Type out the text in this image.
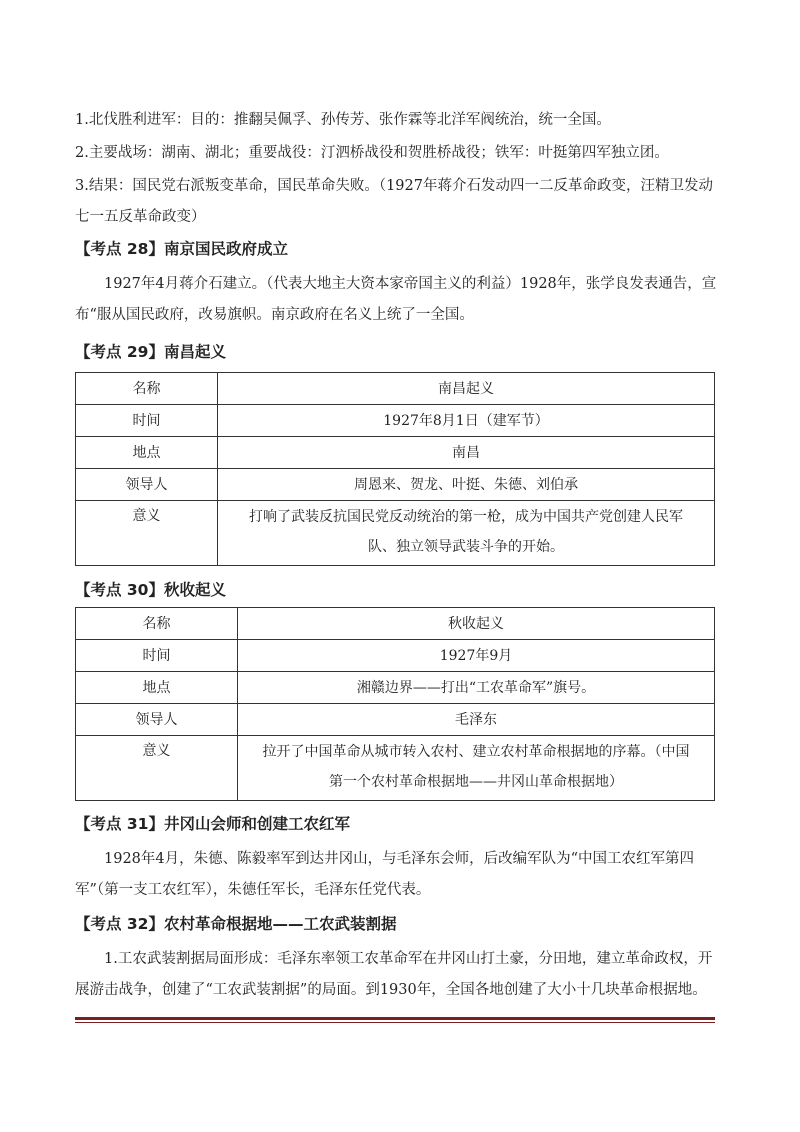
1.北伐胜利进军：目的：推翻吴佩孚、孙传芳、张作霖等北洋军阀统治，统一全国。

2.主要战场：湖南、湖北；重要战役：汀泗桥战役和贺胜桥战役；铁军：叶挺第四军独立团。

3.结果：国民党右派叛变革命，国民革命失败。（1927年蒋介石发动四一二反革命政变，汪精卫发动七一五反革命政变）

【考点 28】南京国民政府成立

1927年4月蒋介石建立。（代表大地主大资本家帝国主义的利益）1928年，张学良发表通告，宣布“服从国民政府，改易旗帜。南京政府在名义上统了一全国。

【考点 29】南昌起义
名称	南昌起义
时间	1927年8月1日（建军节）
地点	南昌
领导人	周恩来、贺龙、叶挺、朱德、刘伯承
意义	打响了武装反抗国民党反动统治的第一枪，成为中国共产党创建人民军队、独立领导武装斗争的开始。
【考点 30】秋收起义
名称	秋收起义
时间	1927年9月
地点	湘赣边界——打出“工农革命军”旗号。
领导人	毛泽东
意义	拉开了中国革命从城市转入农村、建立农村革命根据地的序幕。（中国第一个农村革命根据地——井冈山革命根据地）
【考点 31】井冈山会师和创建工农红军

1928年4月，朱德、陈毅率军到达井冈山，与毛泽东会师，后改编军队为“中国工农红军第四军”（第一支工农红军），朱德任军长，毛泽东任党代表。

【考点 32】农村革命根据地——工农武装割据

1.工农武装割据局面形成：毛泽东率领工农革命军在井冈山打土豪，分田地，建立革命政权，开展游击战争，创建了“工农武装割据”的局面。到1930年，全国各地创建了大小十几块革命根据地。
